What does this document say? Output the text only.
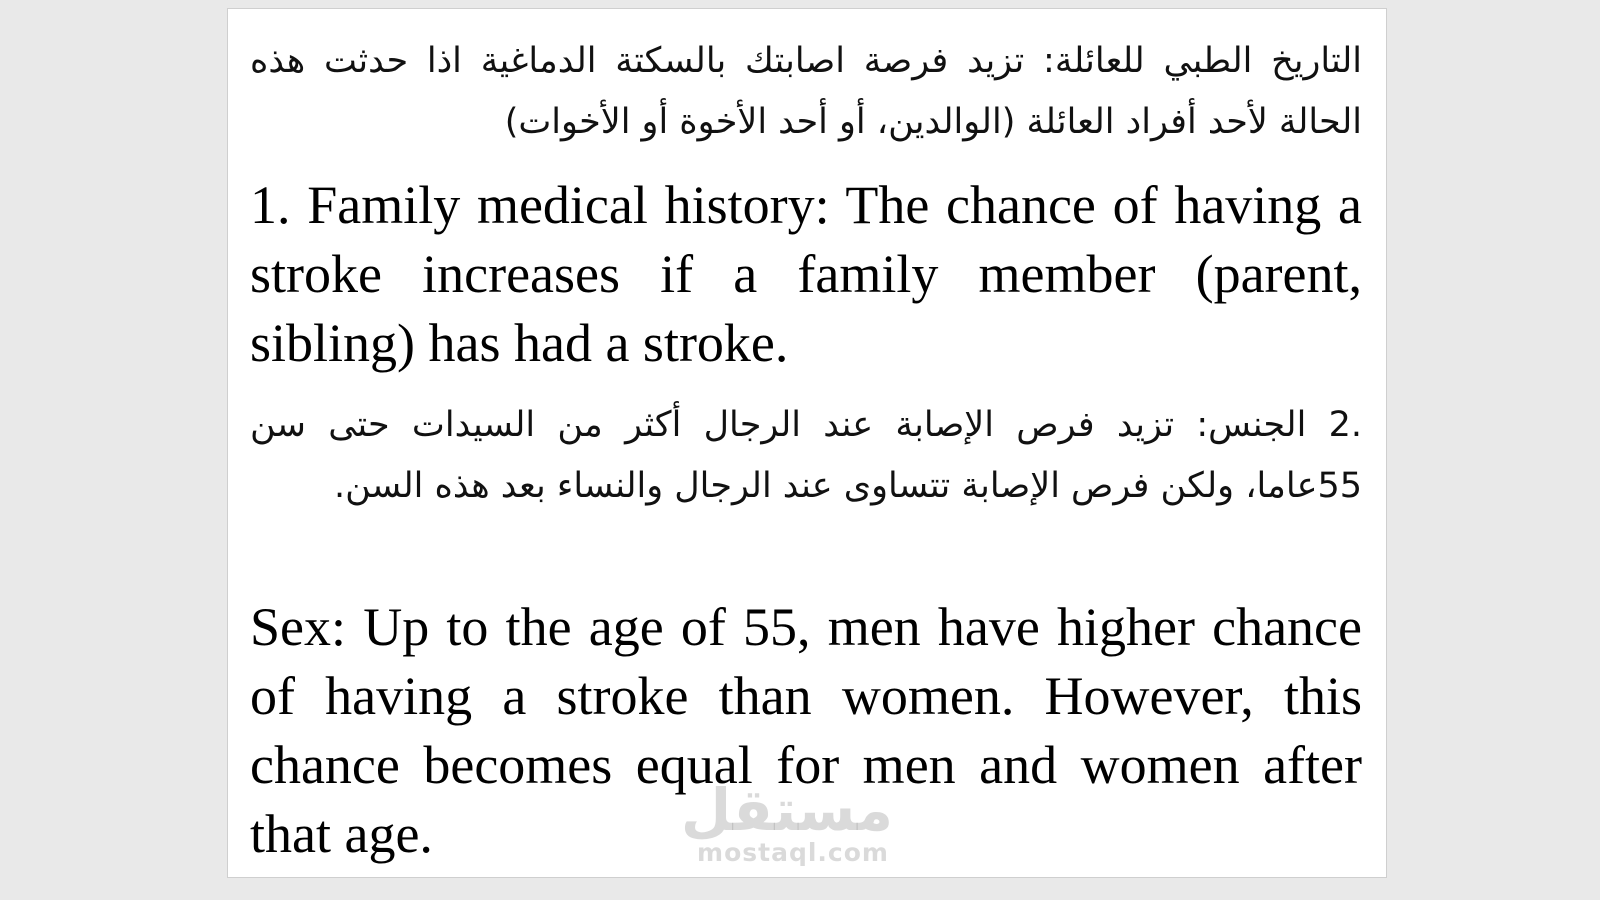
التاريخ الطبي للعائلة: تزيد فرصة اصابتك بالسكتة الدماغية اذا حدثت هذه الحالة لأحد أفراد العائلة (الوالدين، أو أحد الأخوة أو الأخوات)

1. Family medical history: The chance of having a stroke increases if a family member (parent, sibling) has had a stroke.

.2 الجنس: تزيد فرص الإصابة عند الرجال أكثر من السيدات حتى سن 55عاما، ولكن فرص الإصابة تتساوى عند الرجال والنساء بعد هذه السن.

Sex: Up to the age of 55, men have higher chance of having a stroke than women. However, this chance becomes equal for men and women after that age.	مستقل
mostaql.com
